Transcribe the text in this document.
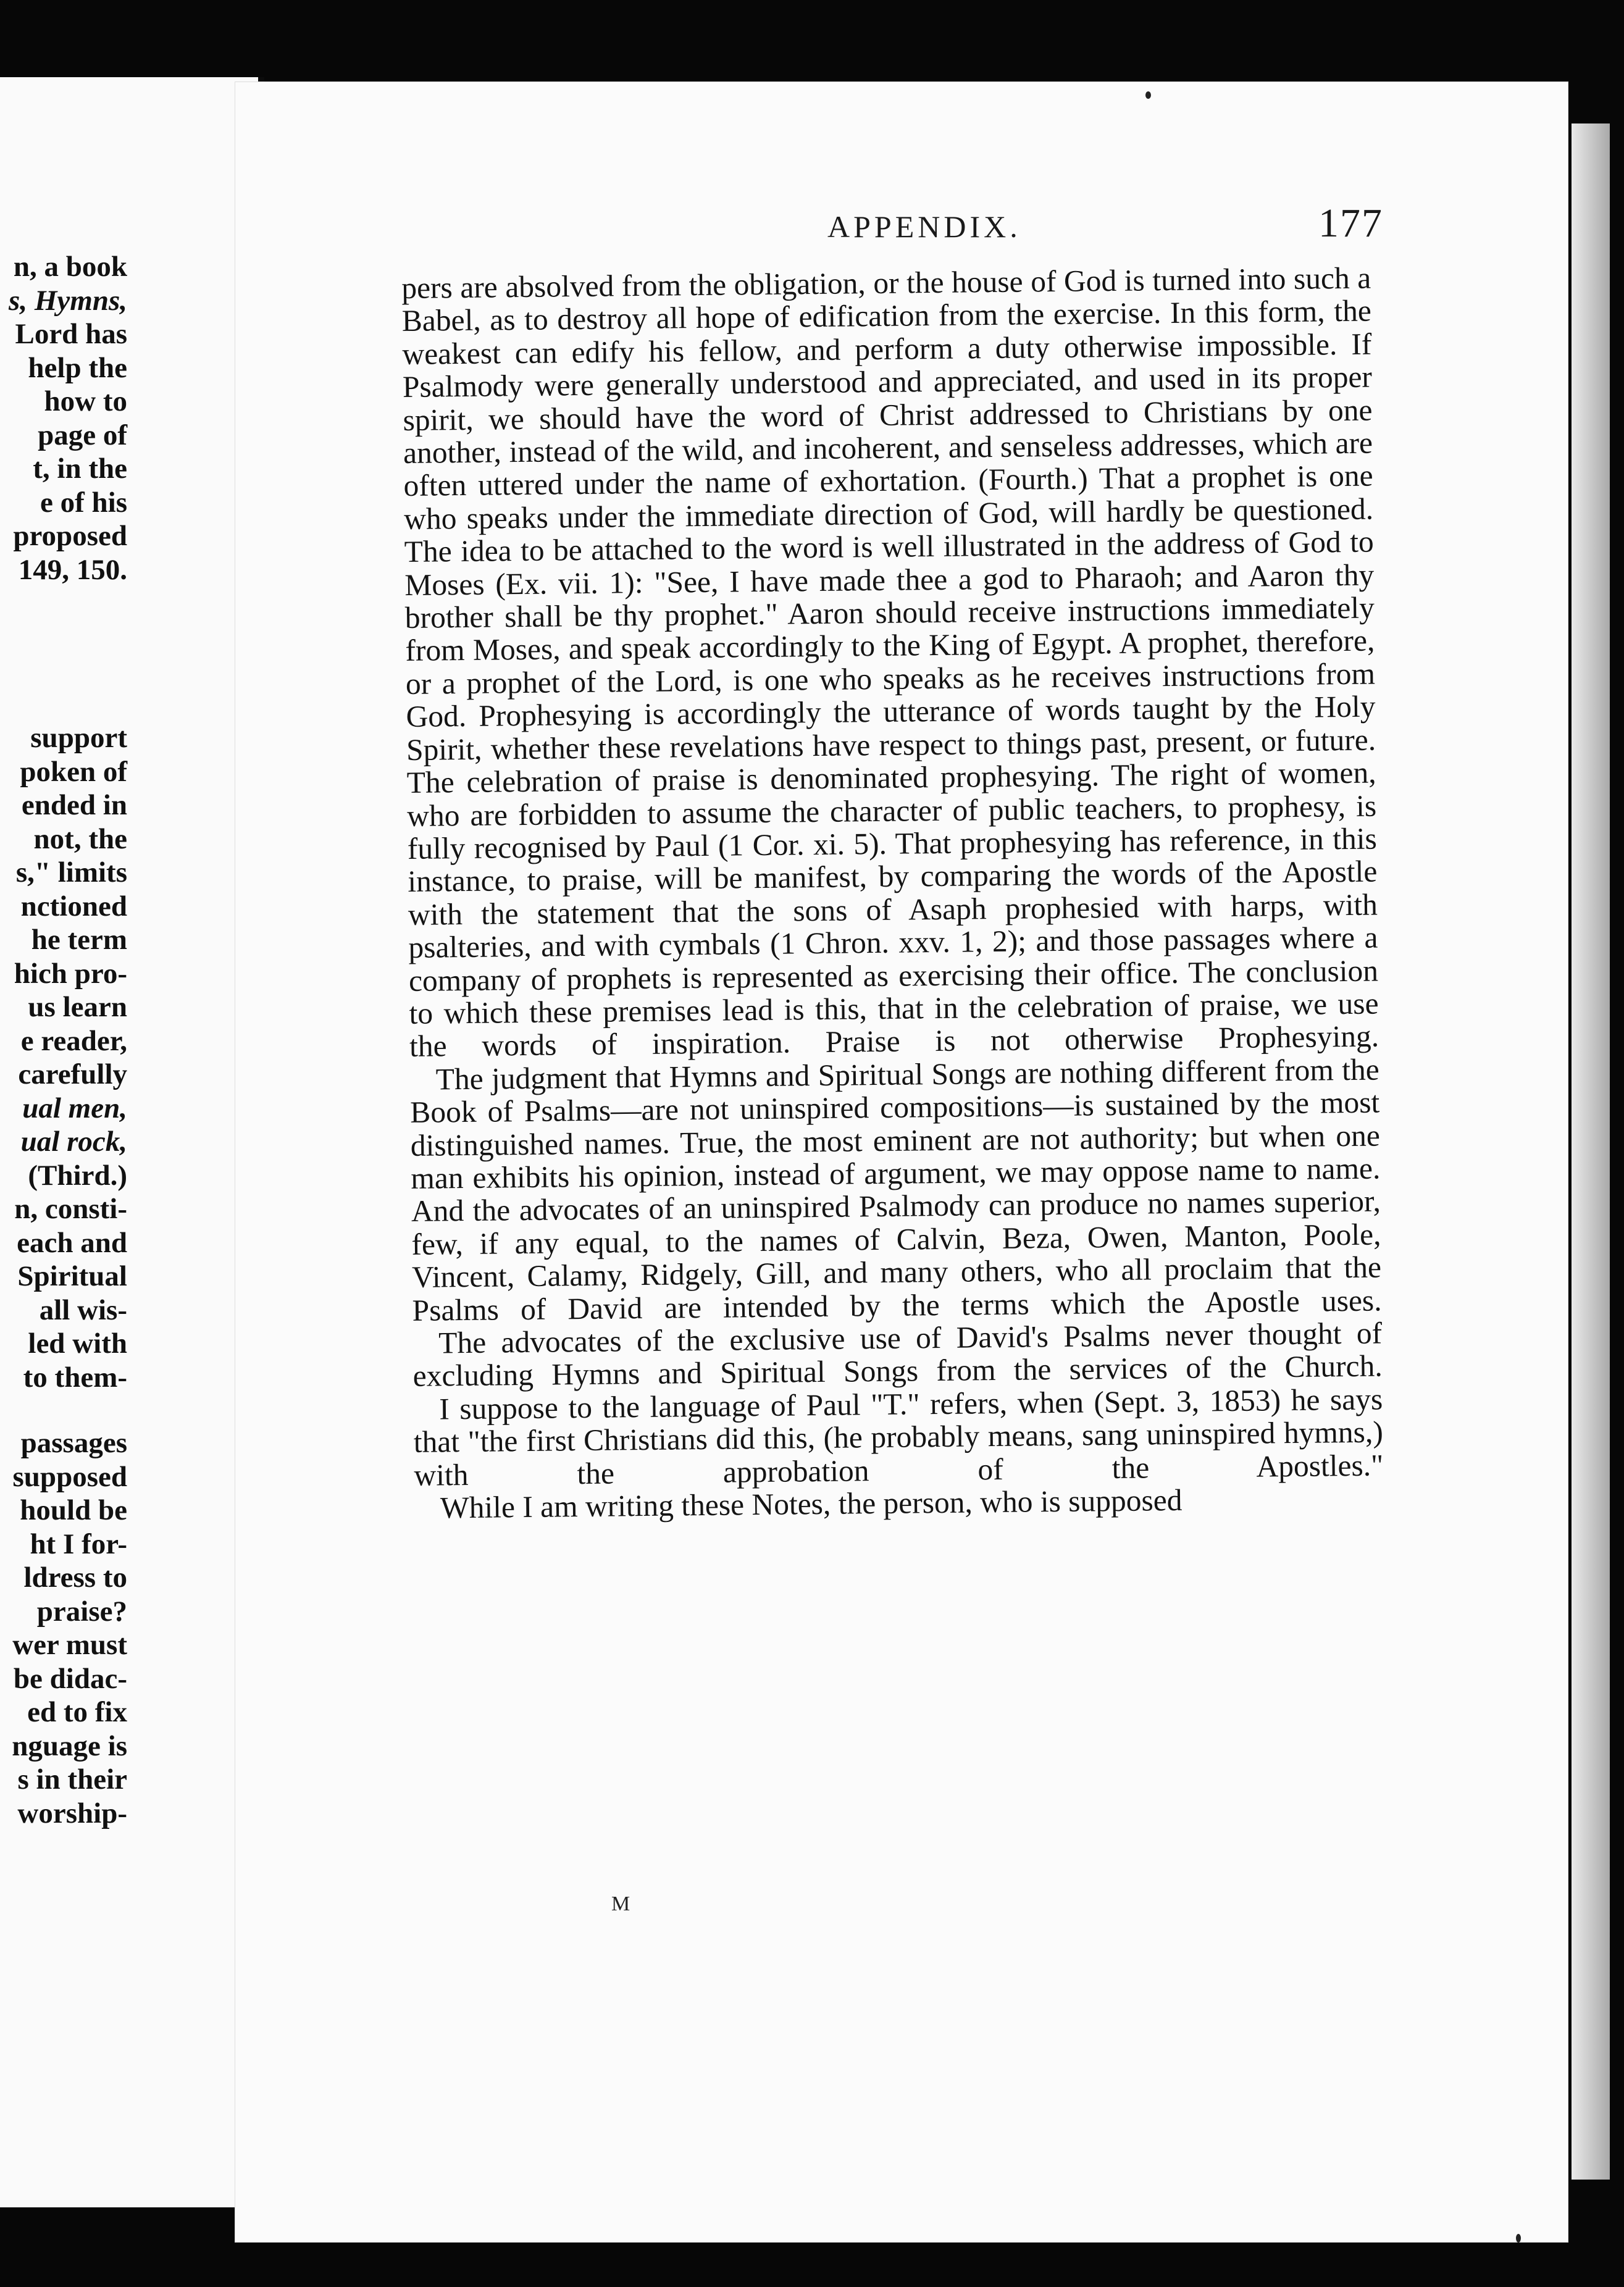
n, a book
s, Hymns,
Lord has
help the
how to
page of
t, in the
e of his
proposed
149, 150.
support
poken of
ended in
not, the
s," limits
nctioned
he term
hich pro-
us learn
e reader,
carefully
ual men,
ual rock,
(Third.)
n, consti-
each and
Spiritual
all wis-
led with
to them-
passages
supposed
hould be
ht I for-
ldress to
praise?
wer must
be didac-
ed to fix
nguage is
s in their
worship-
APPENDIX.	177

pers are absolved from the obligation, or the house of God is turned into such a Babel, as to destroy all hope of edification from the exercise. In this form, the weakest can edify his fellow, and perform a duty otherwise impossible. If Psalmody were generally understood and appreciated, and used in its proper spirit, we should have the word of Christ addressed to Christians by one another, instead of the wild, and incoherent, and senseless addresses, which are often uttered under the name of exhortation. (Fourth.) That a prophet is one who speaks under the immediate direction of God, will hardly be questioned. The idea to be attached to the word is well illustrated in the address of God to Moses (Ex. vii. 1): "See, I have made thee a god to Pharaoh; and Aaron thy brother shall be thy prophet." Aaron should receive instructions immediately from Moses, and speak accordingly to the King of Egypt. A prophet, therefore, or a prophet of the Lord, is one who speaks as he receives instructions from God. Prophesying is accordingly the utterance of words taught by the Holy Spirit, whether these revelations have respect to things past, present, or future. The celebration of praise is denominated prophesying. The right of women, who are forbidden to assume the character of public teachers, to prophesy, is fully recognised by Paul (1 Cor. xi. 5). That prophesying has reference, in this instance, to praise, will be manifest, by comparing the words of the Apostle with the statement that the sons of Asaph prophesied with harps, with psalteries, and with cymbals (1 Chron. xxv. 1, 2); and those passages where a company of prophets is represented as exercising their office. The conclusion to which these premises lead is this, that in the celebration of praise, we use the words of inspiration. Praise is not otherwise Prophesying.

The judgment that Hymns and Spiritual Songs are nothing different from the Book of Psalms—are not uninspired compositions—is sustained by the most distinguished names. True, the most eminent are not authority; but when one man exhibits his opinion, instead of argument, we may oppose name to name. And the advocates of an uninspired Psalmody can produce no names superior, few, if any equal, to the names of Calvin, Beza, Owen, Manton, Poole, Vincent, Calamy, Ridgely, Gill, and many others, who all proclaim that the Psalms of David are intended by the terms which the Apostle uses.

The advocates of the exclusive use of David's Psalms never thought of excluding Hymns and Spiritual Songs from the services of the Church.

I suppose to the language of Paul "T." refers, when (Sept. 3, 1853) he says that "the first Christians did this, (he probably means, sang uninspired hymns,) with the approbation of the Apostles."

While I am writing these Notes, the person, who is supposed

M
